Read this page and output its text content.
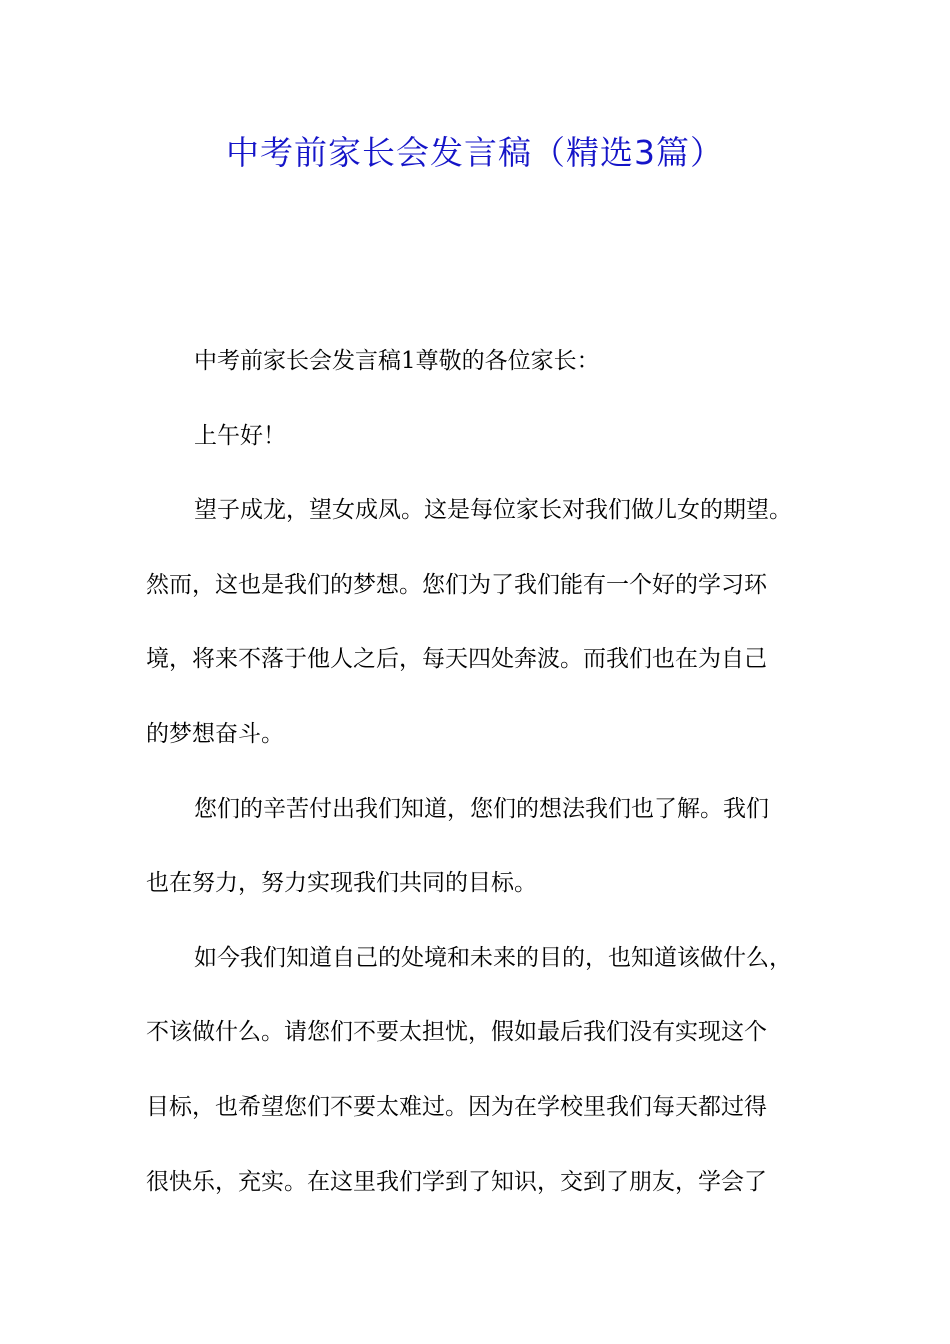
中考前家长会发言稿（精选3篇）
中考前家长会发言稿1尊敬的各位家长：
上午好！
望子成龙，望女成凤。这是每位家长对我们做儿女的期望。
然而，这也是我们的梦想。您们为了我们能有一个好的学习环
境，将来不落于他人之后，每天四处奔波。而我们也在为自己
的梦想奋斗。
您们的辛苦付出我们知道，您们的想法我们也了解。我们
也在努力，努力实现我们共同的目标。
如今我们知道自己的处境和未来的目的，也知道该做什么，
不该做什么。请您们不要太担忧，假如最后我们没有实现这个
目标，也希望您们不要太难过。因为在学校里我们每天都过得
很快乐，充实。在这里我们学到了知识，交到了朋友，学会了
